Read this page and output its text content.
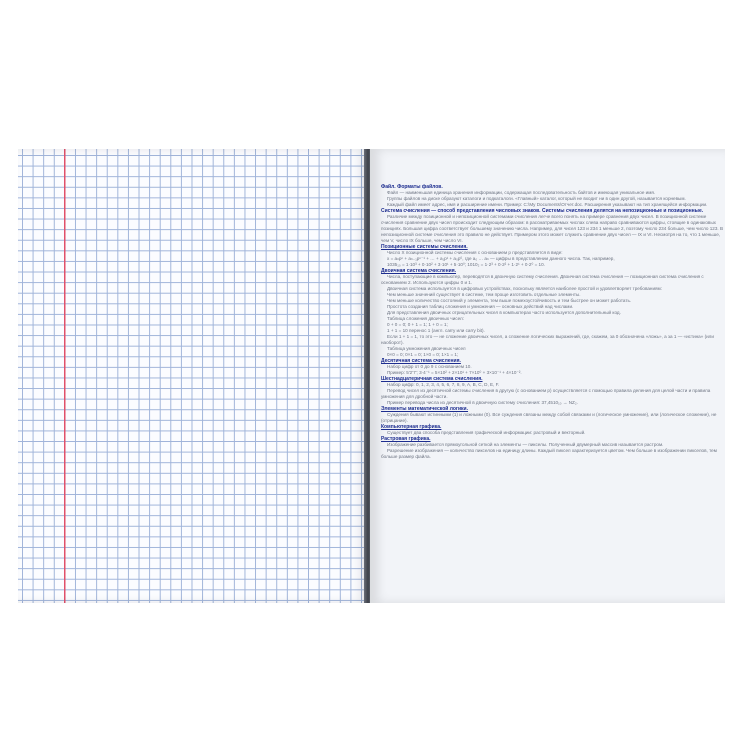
Файл. Форматы файлов.

Файл — наименьшая единица хранения информации, содержащая последовательность байтов и имеющая уникальное имя.

Группы файлов на диске образуют каталоги и подкаталоги. «Главный» каталог, который не входит ни в один другой, называется корневым.

Каждый файл имеет адрес, имя и расширение имени. Пример: C:\My Documents\Отчет.doc. Расширения указывают на тип хранящейся информации.

Система счисления — способ представления числовых знаков. Системы счисления делятся на непозиционные и позиционные.

Различие между позиционной и непозиционной системами счисления легче всего понять на примере сравнения двух чисел. В позиционной системе счисления сравнение двух чисел происходит следующим образом: в рассматриваемых числах слева направо сравниваются цифры, стоящие в одинаковых позициях. Большая цифра соответствует большему значению числа. Например, для чисел 123 и 234 1 меньше 2, поэтому число 234 больше, чем число 123. В непозиционной системе счисления это правило не действует. Примером этого может служить сравнение двух чисел — IX и VI. Несмотря на то, что 1 меньше, чем V, число IX больше, чем число VI.

Позиционные системы счисления.

Число X позиционной системы счисления с основанием p представляется в виде:

x = aₙpⁿ + aₙ₋₁pⁿ⁻¹ + … + a₁p¹ + a₀p⁰, где a₀ … aₙ — цифры в представлении данного числа. Так, например,

1035₁₀ = 1·10³ + 0·10² + 3·10¹ + 5·10⁰; 1010₂ = 1·2³ + 0·2² + 1·2¹ + 0·2⁰ = 10.

Двоичная система счисления.

Числа, поступающие в компьютер, переводятся в двоичную систему счисления. Двоичная система счисления — позиционная система счисления с основанием 2. Используются цифры 0 и 1.

Двоичная система используется в цифровых устройствах, поскольку является наиболее простой и удовлетворяет требованиям:

Чем меньше значений существует в системе, тем проще изготовить отдельные элементы.

Чем меньше количество состояний у элемента, тем выше помехоустойчивость и тем быстрее он может работать.

Простота создания таблиц сложения и умножения — основных действий над числами.

Для представления двоичных отрицательных чисел в компьютерах часто используется дополнительный код.

Таблица сложения двоичных чисел:

0 + 0 = 0; 0 + 1 = 1; 1 + 0 = 1;

1 + 1 = 10 перенос 1 (англ. carry или carry bit).

Если 1 + 1 = 1, то это — не сложение двоичных чисел, а сложение логических выражений, где, скажем, за 0 обозначена «ложь», а за 1 — «истина» (или наоборот).

Таблица умножения двоичных чисел

0×0 = 0; 0×1 = 0; 1×0 = 0; 1×1 = 1;

Десятичная система счисления.

Набор цифр от 0 до 9 с основанием 10.

Пример: 5'2'7'; 3·4⁻¹ = 5×10² + 2×10¹ + 7×10⁰ + 3×10⁻¹ + 4×10⁻².

Шестнадцатеричная система счисления.

Набор цифр: 0, 1, 2, 3, 4, 5, 6, 7, 8, 9, A, B, C, D, E, F.

Перевод чисел из десятичной системы счисления в другую (с основанием p) осуществляется с помощью правила деления для целой части и правила умножения для дробной части.

Пример перевода числа из десятичной в двоичную систему счисления: 37,4510₁₀ → NZ₂.

Элементы математической логики.

Суждения бывают истинными (1) и ложными (0). Все суждения связаны между собой связками и (логическое умножение), или (логическое сложение), не (отрицание).

Компьютерная графика.

Существует два способа представления графической информации: растровый и векторный.

Растровая графика.

Изображение разбивается прямоугольной сеткой на элементы — пикселы. Полученный двумерный массив называется растром.

Разрешение изображения — количество пикселов на единицу длины. Каждый пиксел характеризуется цветом. Чем больше в изображении пикселов, тем больше размер файла.
